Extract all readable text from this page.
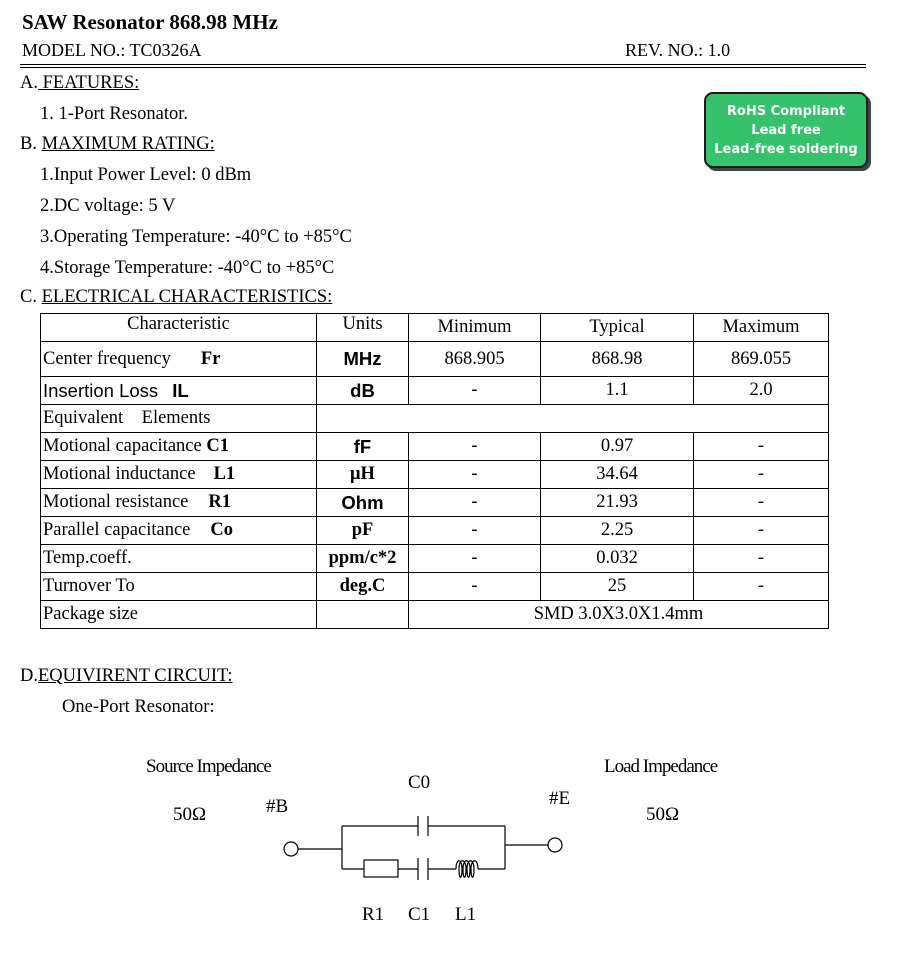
SAW Resonator 868.98 MHz
MODEL NO.: TC0326A	REV. NO.: 1.0
RoHS Compliant
Lead free
Lead-free soldering
A. FEATURES:
1. 1-Port Resonator.
B. MAXIMUM RATING:
1.Input Power Level: 0 dBm
2.DC voltage: 5 V
3.Operating Temperature: -40°C to +85°C
4.Storage Temperature: -40°C to +85°C
C. ELECTRICAL CHARACTERISTICS:
Characteristic	Units	Minimum	Typical	Maximum
Center frequency Fr	MHz	868.905	868.98	869.055
Insertion Loss IL	dB	-	1.1	2.0
Equivalent    Elements				
Motional capacitance C1	fF	-	0.97	-
Motional inductance L1	μH	-	34.64	-
Motional resistance R1	Ohm	-	21.93	-
Parallel capacitance Co	pF	-	2.25	-
Temp.coeff.	ppm/c*2	-	0.032	-
Turnover To	deg.C	-	25	-
Package size		SMD 3.0X3.0X1.4mm		
D.EQUIVIRENT CIRCUIT:
One-Port Resonator:
Source Impedance	Load Impedance
50Ω	50Ω
#B	#E
C0
R1 C1 L1
